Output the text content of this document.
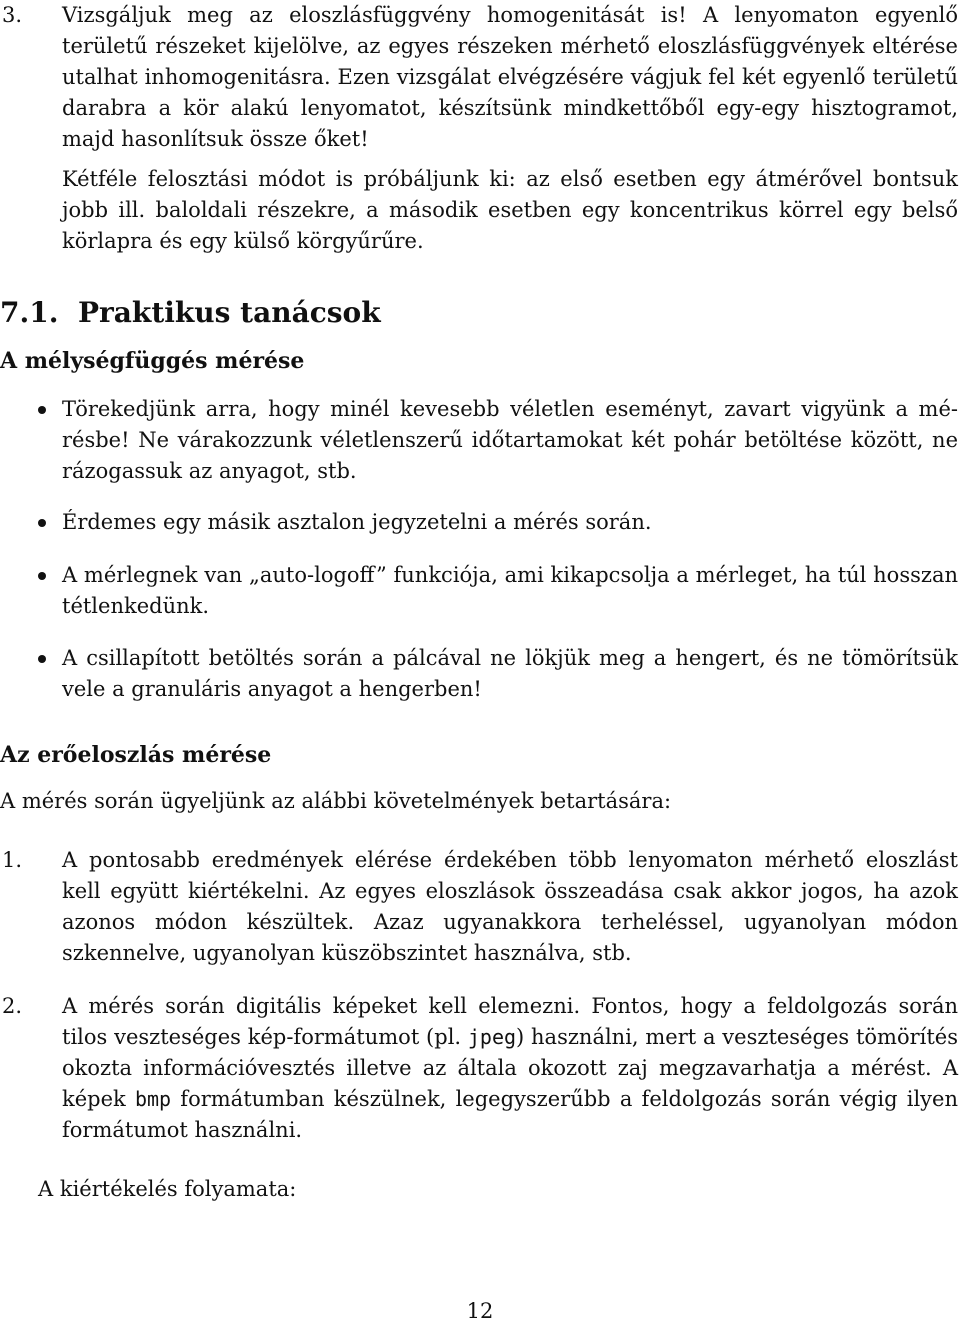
3. Vizsgáljuk meg az eloszlásfüggvény homogenitását is! A lenyomaton egyenlő területű részeket kijelölve, az egyes részeken mérhető eloszlásfüggvények eltérése utalhat inhomogenitásra. Ezen vizsgálat elvégzésére vágjuk fel két egyenlő területű darabra a kör alakú lenyomatot, készítsünk mindkettőből egy-egy hisztogramot, majd hasonlítsuk össze őket!

Kétféle felosztási módot is próbáljunk ki: az első esetben egy átmérővel bontsuk jobb ill. baloldali részekre, a második esetben egy koncentrikus körrel egy belső körlapra és egy külső körgyűrűre.

7.1. Praktikus tanácsok
A mélységfüggés mérése

Törekedjünk arra, hogy minél kevesebb véletlen eseményt, zavart vigyünk a mérésbe! Ne várakozzunk véletlenszerű időtartamokat két pohár betöltése között, ne rázogassuk az anyagot, stb.

Érdemes egy másik asztalon jegyzetelni a mérés során.

A mérlegnek van „auto-logoff” funkciója, ami kikapcsolja a mérleget, ha túl hosszan tétlenkedünk.

A csillapított betöltés során a pálcával ne lökjük meg a hengert, és ne tömörítsük vele a granuláris anyagot a hengerben!

Az erőeloszlás mérése

A mérés során ügyeljünk az alábbi követelmények betartására:

1. A pontosabb eredmények elérése érdekében több lenyomaton mérhető eloszlást kell együtt kiértékelni. Az egyes eloszlások összeadása csak akkor jogos, ha azok azonos módon készültek. Azaz ugyanakkora terheléssel, ugyanolyan módon szkennelve, ugyanolyan küszöbszintet használva, stb.

2. A mérés során digitális képeket kell elemezni. Fontos, hogy a feldolgozás során tilos veszteséges kép-formátumot (pl. jpeg) használni, mert a veszteséges tömörítés okozta információvesztés illetve az általa okozott zaj megzavarhatja a mérést. A képek bmp formátumban készülnek, legegyszerűbb a feldolgozás során végig ilyen formátumot használni.

A kiértékelés folyamata:

12
